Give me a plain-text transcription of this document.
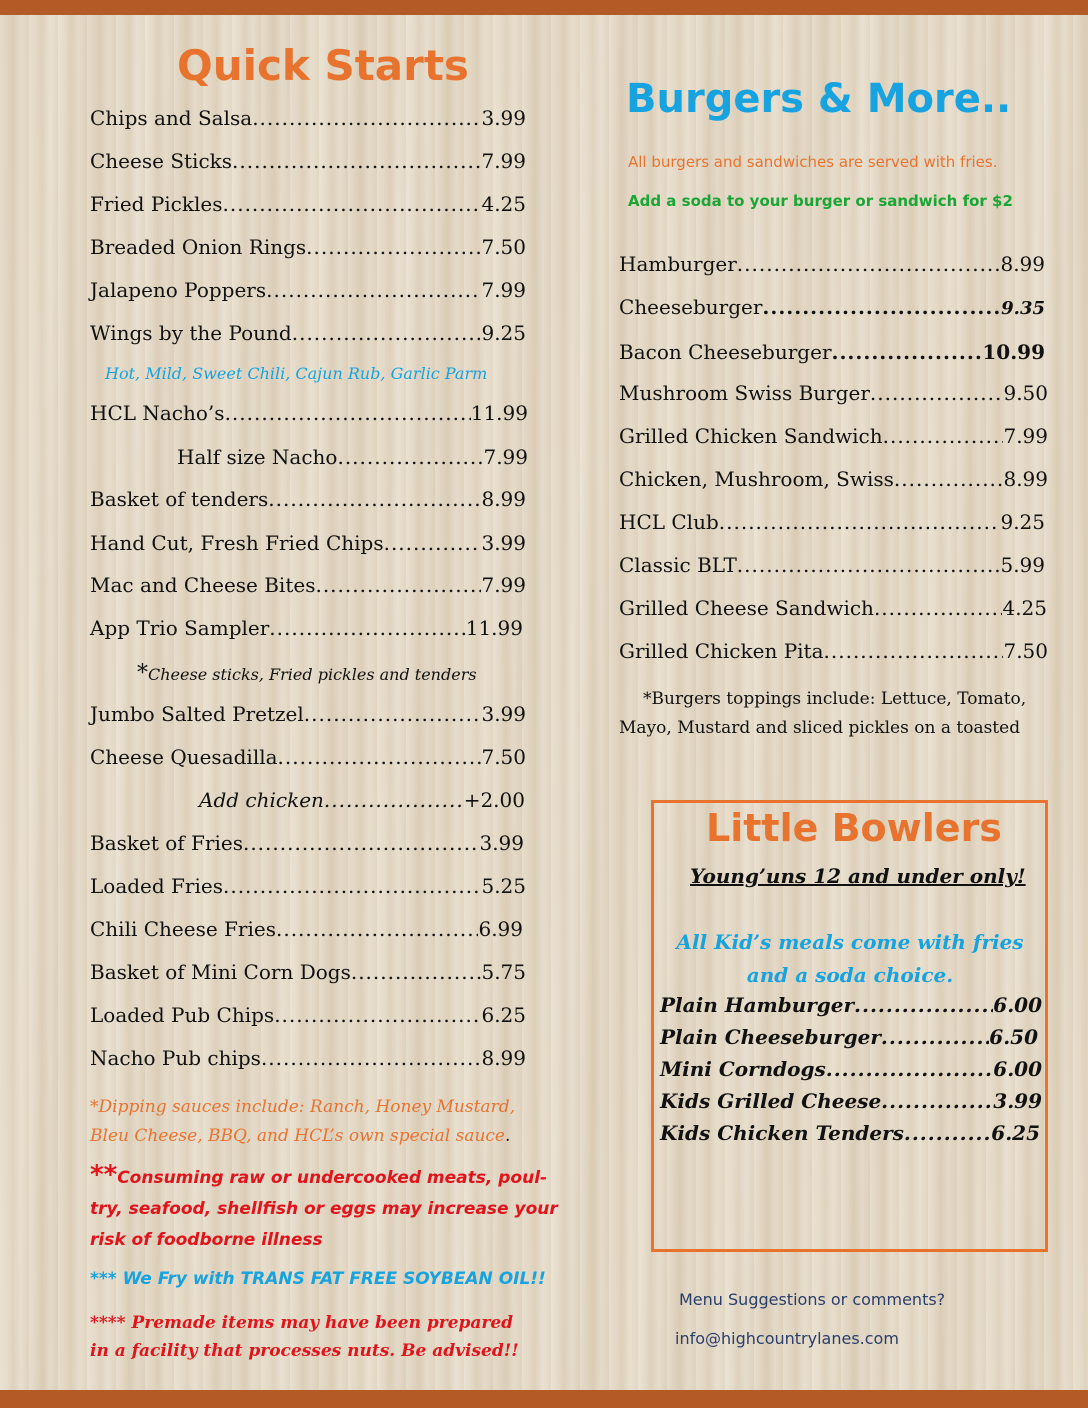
Quick Starts
Chips and Salsa .....	3.99
Cheese Sticks .....	7.99
Fried Pickles .....	4.25
Breaded Onion Rings .....	7.50
Jalapeno Poppers .....	7.99
Wings by the Pound .....	9.25
Hot, Mild, Sweet Chili, Cajun Rub, Garlic Parm
HCL Nacho’s .....	11.99
Half size Nacho .....	7.99
Basket of tenders .....	8.99
Hand Cut, Fresh Fried Chips .....	3.99
Mac and Cheese Bites .....	7.99
App Trio Sampler .....	11.99
*Cheese sticks, Fried pickles and tenders
Jumbo Salted Pretzel .....	3.99
Cheese Quesadilla .....	7.50
Add chicken .....	+2.00
Basket of Fries .....	3.99
Loaded Fries .....	5.25
Chili Cheese Fries .....	6.99
Basket of Mini Corn Dogs .....	5.75
Loaded Pub Chips .....	6.25
Nacho Pub chips .....	8.99
*Dipping sauces include: Ranch, Honey Mustard,
Bleu Cheese, BBQ, and HCL’s own special sauce.
**Consuming raw or undercooked meats, poul-
try, seafood, shellfish or eggs may increase your
risk of foodborne illness
*** We Fry with TRANS FAT FREE SOYBEAN OIL!!
**** Premade items may have been prepared
in a facility that processes nuts. Be advised!!
Burgers & More..
All burgers and sandwiches are served with fries.
Add a soda to your burger or sandwich for $2
Hamburger .....	8.99
Cheeseburger .....	9.35
Bacon Cheeseburger .....	10.99
Mushroom Swiss Burger .....	9.50
Grilled Chicken Sandwich .....	7.99
Chicken, Mushroom, Swiss .....	8.99
HCL Club .....	9.25
Classic BLT .....	5.99
Grilled Cheese Sandwich .....	4.25
Grilled Chicken Pita .....	7.50
*Burgers toppings include: Lettuce, Tomato,
Mayo, Mustard and sliced pickles on a toasted
Little Bowlers
Young’uns 12 and under only!
All Kid’s meals come with fries
and a soda choice.
Plain Hamburger .....	6.00
Plain Cheeseburger .....	6.50
Mini Corndogs .....	6.00
Kids Grilled Cheese .....	3.99
Kids Chicken Tenders .....	6.25
Menu Suggestions or comments?
info@highcountrylanes.com
